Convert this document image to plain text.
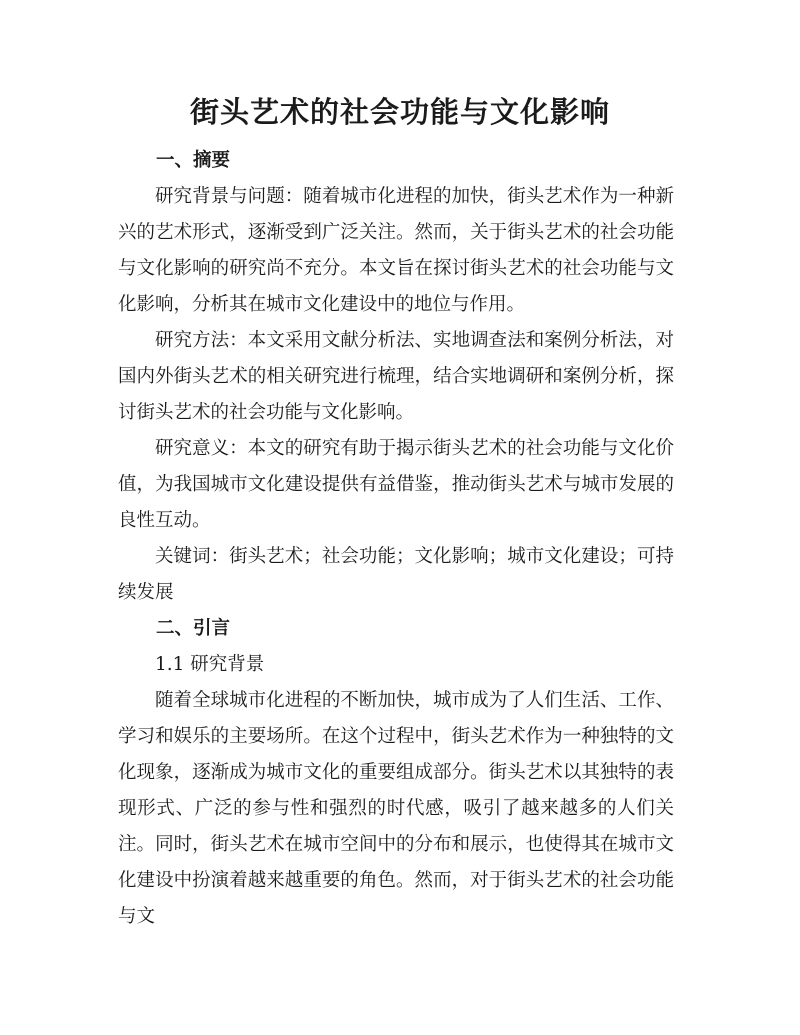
街头艺术的社会功能与文化影响

一、摘要

研究背景与问题：随着城市化进程的加快，街头艺术作为一种新兴的艺术形式，逐渐受到广泛关注。然而，关于街头艺术的社会功能与文化影响的研究尚不充分。本文旨在探讨街头艺术的社会功能与文化影响，分析其在城市文化建设中的地位与作用。

研究方法：本文采用文献分析法、实地调查法和案例分析法，对国内外街头艺术的相关研究进行梳理，结合实地调研和案例分析，探讨街头艺术的社会功能与文化影响。

研究意义：本文的研究有助于揭示街头艺术的社会功能与文化价值，为我国城市文化建设提供有益借鉴，推动街头艺术与城市发展的良性互动。

关键词：街头艺术；社会功能；文化影响；城市文化建设；可持续发展

二、引言

1.1 研究背景

随着全球城市化进程的不断加快，城市成为了人们生活、工作、学习和娱乐的主要场所。在这个过程中，街头艺术作为一种独特的文化现象，逐渐成为城市文化的重要组成部分。街头艺术以其独特的表现形式、广泛的参与性和强烈的时代感，吸引了越来越多的人们关注。同时，街头艺术在城市空间中的分布和展示，也使得其在城市文化建设中扮演着越来越重要的角色。然而，对于街头艺术的社会功能与文
